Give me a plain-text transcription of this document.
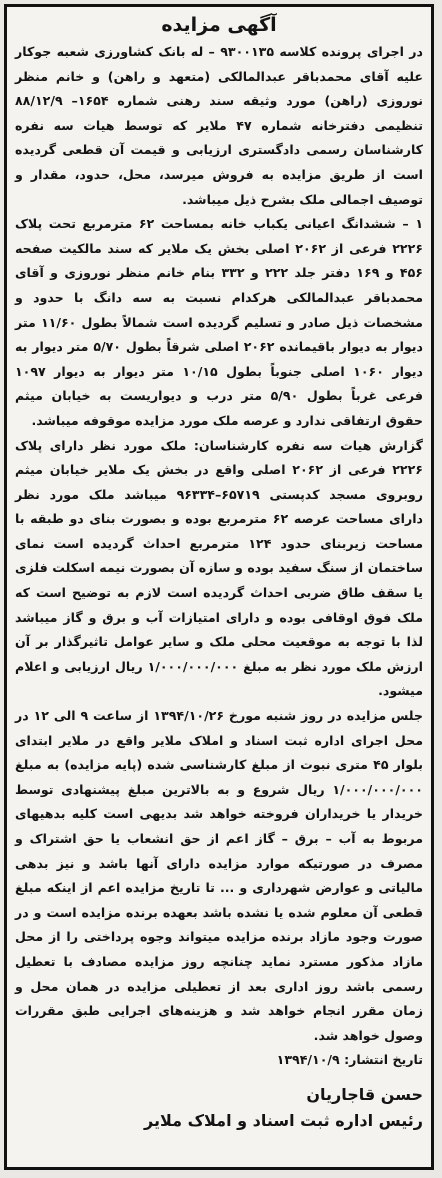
آگهی مزایده

در اجرای پرونده کلاسه ۹۳۰۰۱۳۵ – له بانک کشاورزی شعبه جوکار علیه آقای محمدباقر عبدالمالکی (متعهد و راهن) و خانم منظر نوروزی (راهن) مورد وثیقه سند رهنی شماره ۱۶۵۴– ۸۸/۱۲/۹ تنظیمی دفترخانه شماره ۴۷ ملایر که توسط هیات سه نفره کارشناسان رسمی دادگستری ارزیابی و قیمت آن قطعی گردیده است از طریق مزایده به فروش میرسد، محل، حدود، مقدار و توصیف اجمالی ملک بشرح ذیل میباشد.

۱ – ششدانگ اعیانی یکباب خانه بمساحت ۶۲ مترمربع تحت پلاک ۲۲۲۶ فرعی از ۲۰۶۲ اصلی بخش یک ملایر که سند مالکیت صفحه ۴۵۶ و ۱۶۹ دفتر جلد ۲۲۲ و ۳۳۲ بنام خانم منظر نوروزی و آقای محمدباقر عبدالمالکی هرکدام نسبت به سه دانگ با حدود و مشخصات ذیل صادر و تسلیم گردیده است شمالاً بطول ۱۱/۶۰ متر دیوار به دیوار باقیمانده ۲۰۶۲ اصلی شرقاً بطول ۵/۷۰ متر دیوار به دیوار ۱۰۶۰ اصلی جنوباً بطول ۱۰/۱۵ متر دیوار به دیوار ۱۰۹۷ فرعی غرباً بطول ۵/۹۰ متر درب و دیواریست به خیابان میثم حقوق ارتفاقی ندارد و عرصه ملک مورد مزایده موقوفه میباشد.

گزارش هیات سه نفره کارشناسان: ملک مورد نظر دارای پلاک ۲۲۲۶ فرعی از ۲۰۶۲ اصلی واقع در بخش یک ملایر خیابان میثم روبروی مسجد کدپستی ۶۵۷۱۹–۹۶۳۳۴ میباشد ملک مورد نظر دارای مساحت عرصه ۶۲ مترمربع بوده و بصورت بنای دو طبقه با مساحت زیربنای حدود ۱۲۴ مترمربع احداث گردیده است نمای ساختمان از سنگ سفید بوده و سازه آن بصورت نیمه اسکلت فلزی یا سقف طاق ضربی احداث گردیده است لازم به توضیح است که ملک فوق اوقافی بوده و دارای امتیازات آب و برق و گاز میباشد لذا با توجه به موقعیت محلی ملک و سایر عوامل تاثیرگذار بر آن ارزش ملک مورد نظر به مبلغ ۱/۰۰۰/۰۰۰/۰۰۰ ریال ارزیابی و اعلام میشود.

جلس مزایده در روز شنبه مورخ ۱۳۹۴/۱۰/۲۶ از ساعت ۹ الی ۱۲ در محل اجرای اداره ثبت اسناد و املاک ملایر واقع در ملایر ابتدای بلوار ۴۵ متری نبوت از مبلغ کارشناسی شده (پایه مزایده) به مبلغ ۱/۰۰۰/۰۰۰/۰۰۰ ریال شروع و به بالاترین مبلغ پیشنهادی توسط خریدار یا خریداران فروخته خواهد شد بدیهی است کلیه بدهیهای مربوط به آب – برق – گاز اعم از حق انشعاب یا حق اشتراک و مصرف در صورتیکه موارد مزایده دارای آنها باشد و نیز بدهی مالیاتی و عوارض شهرداری و ... تا تاریخ مزایده اعم از اینکه مبلغ قطعی آن معلوم شده یا نشده باشد بعهده برنده مزایده است و در صورت وجود مازاد برنده مزایده میتواند وجوه پرداختی را از محل مازاد مذکور مسترد نماید چنانچه روز مزایده مصادف با تعطیل رسمی باشد روز اداری بعد از تعطیلی مزایده در همان محل و زمان مقرر انجام خواهد شد و هزینه‌های اجرایی طبق مقررات وصول خواهد شد.

تاریخ انتشار: ۱۳۹۴/۱۰/۹

حسن قاجاریان

رئیس اداره ثبت اسناد و املاک ملایر
